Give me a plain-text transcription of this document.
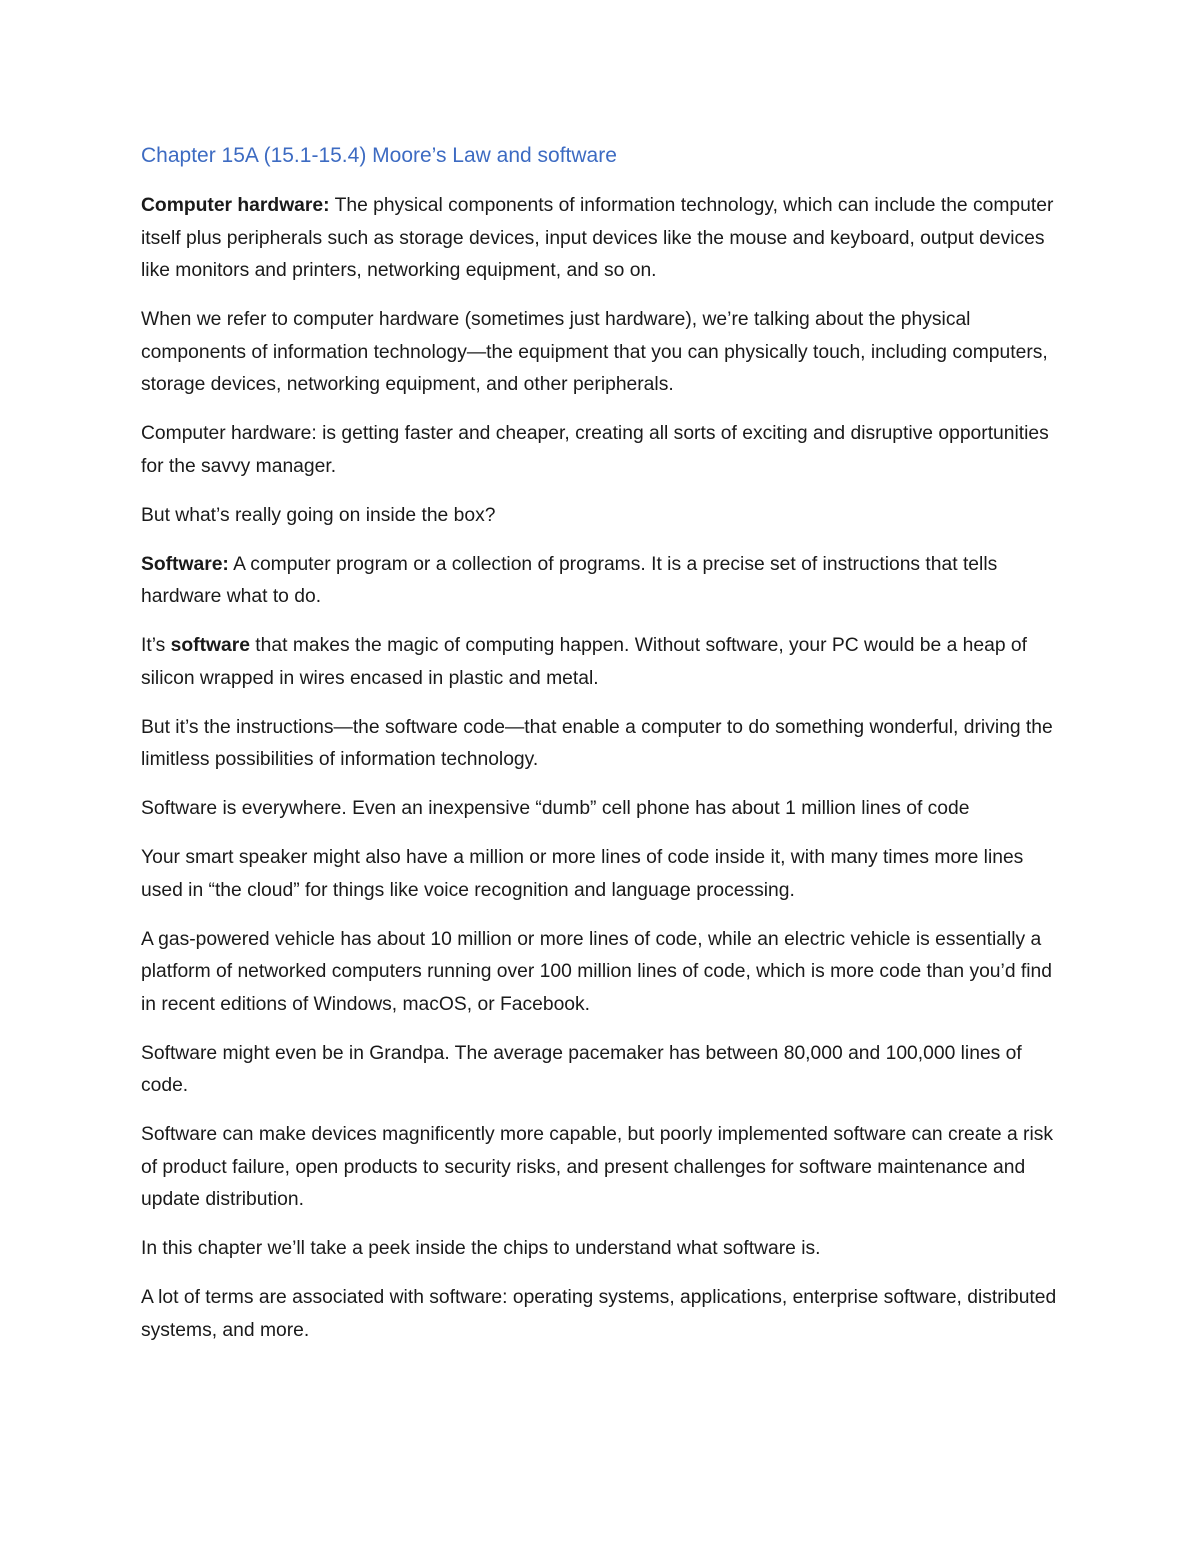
Chapter 15A (15.1-15.4) Moore’s Law and software

Computer hardware: The physical components of information technology, which can include the computer itself plus peripherals such as storage devices, input devices like the mouse and keyboard, output devices like monitors and printers, networking equipment, and so on.

When we refer to computer hardware (sometimes just hardware), we’re talking about the physical components of information technology—the equipment that you can physically touch, including computers, storage devices, networking equipment, and other peripherals.

Computer hardware: is getting faster and cheaper, creating all sorts of exciting and disruptive opportunities for the savvy manager.

But what’s really going on inside the box?

Software: A computer program or a collection of programs. It is a precise set of instructions that tells hardware what to do.

It’s software that makes the magic of computing happen. Without software, your PC would be a heap of silicon wrapped in wires encased in plastic and metal.

But it’s the instructions—the software code—that enable a computer to do something wonderful, driving the limitless possibilities of information technology.

Software is everywhere. Even an inexpensive “dumb” cell phone has about 1 million lines of code

Your smart speaker might also have a million or more lines of code inside it, with many times more lines used in “the cloud” for things like voice recognition and language processing.

A gas-powered vehicle has about 10 million or more lines of code, while an electric vehicle is essentially a platform of networked computers running over 100 million lines of code, which is more code than you’d find in recent editions of Windows, macOS, or Facebook.

Software might even be in Grandpa. The average pacemaker has between 80,000 and 100,000 lines of code.

Software can make devices magnificently more capable, but poorly implemented software can create a risk of product failure, open products to security risks, and present challenges for software maintenance and update distribution.

In this chapter we’ll take a peek inside the chips to understand what software is.

A lot of terms are associated with software: operating systems, applications, enterprise software, distributed systems, and more.
